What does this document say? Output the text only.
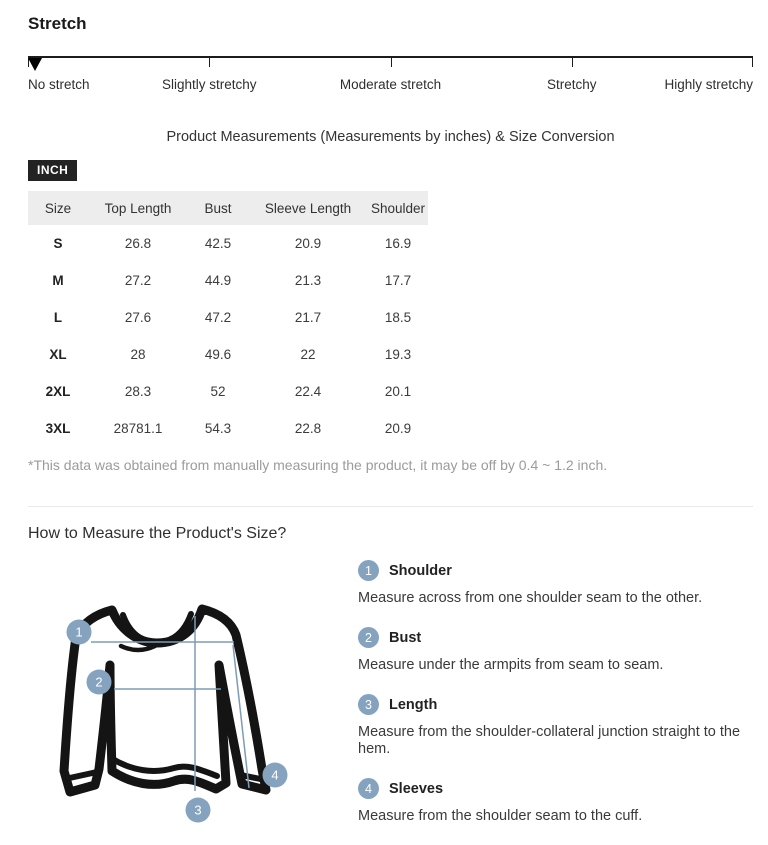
Stretch
No stretch	Slightly stretchy	Moderate stretch	Stretchy	Highly stretchy
Product Measurements (Measurements by inches) & Size Conversion
INCH
Size	Top Length	Bust	Sleeve Length	Shoulder
S	26.8	42.5	20.9	16.9
M	27.2	44.9	21.3	17.7
L	27.6	47.2	21.7	18.5
XL	28	49.6	22	19.3
2XL	28.3	52	22.4	20.1
3XL	28781.1	54.3	22.8	20.9
*This data was obtained from manually measuring the product, it may be off by 0.4 ~ 1.2 inch.
How to Measure the Product's Size?
1
2
3
4
1	Shoulder

Measure across from one shoulder seam to the other.

2	Bust

Measure under the armpits from seam to seam.

3	Length

Measure from the shoulder-collateral junction straight to the hem.

4	Sleeves

Measure from the shoulder seam to the cuff.
